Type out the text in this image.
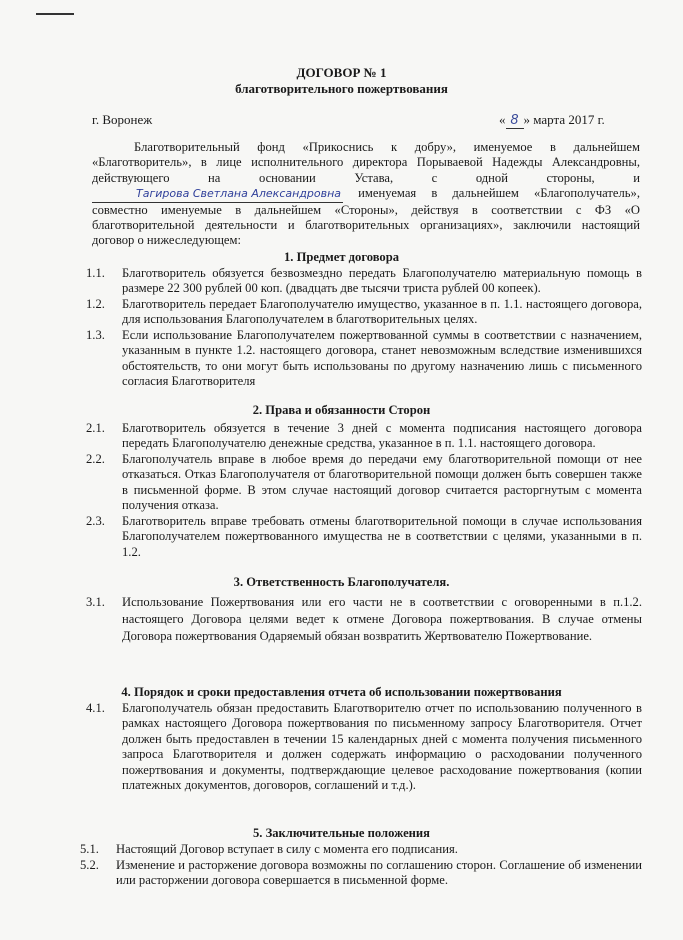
ДОГОВОР № 1
благотворительного пожертвования
г. Воронеж	« 8 » марта 2017 г.

Благотворительный фонд «Прикоснись к добру», именуемое в дальнейшем «Благотворитель», в лице исполнительного директора Порываевой Надежды Александровны, действующего на основании Устава, с одной стороны, и Тагирова Светлана Александровна именуемая в дальнейшем «Благополучатель», совместно именуемые в дальнейшем «Стороны», действуя в соответствии с ФЗ «О благотворительной деятельности и благотворительных организациях», заключили настоящий договор о нижеследующем:

1. Предмет договора
1.1.	Благотворитель обязуется безвозмездно передать Благополучателю материальную помощь в размере 22 300 рублей 00 коп. (двадцать две тысячи триста рублей 00 копеек).
1.2.	Благотворитель передает Благополучателю имущество, указанное в п. 1.1. настоящего договора, для использования Благополучателем в благотворительных целях.
1.3.	Если использование Благополучателем пожертвованной суммы в соответствии с назначением, указанным в пункте 1.2. настоящего договора, станет невозможным вследствие изменившихся обстоятельств, то они могут быть использованы по другому назначению лишь с письменного согласия Благотворителя
2. Права и обязанности Сторон
2.1.	Благотворитель обязуется в течение 3 дней с момента подписания настоящего договора передать Благополучателю денежные средства, указанное в п. 1.1. настоящего договора.
2.2.	Благополучатель вправе в любое время до передачи ему благотворительной помощи от нее отказаться. Отказ Благополучателя от благотворительной помощи должен быть совершен также в письменной форме. В этом случае настоящий договор считается расторгнутым с момента получения отказа.
2.3.	Благотворитель вправе требовать отмены благотворительной помощи в случае использования Благополучателем пожертвованного имущества не в соответствии с целями, указанными в п. 1.2.
3. Ответственность Благополучателя.
3.1.	Использование Пожертвования или его части не в соответствии с оговоренными в п.1.2. настоящего Договора целями ведет к отмене Договора пожертвования. В случае отмены Договора пожертвования Одаряемый обязан возвратить Жертвователю Пожертвование.
4. Порядок и сроки предоставления отчета об использовании пожертвования
4.1.	Благополучатель обязан предоставить Благотворителю отчет по использованию полученного в рамках настоящего Договора пожертвования по письменному запросу Благотворителя. Отчет должен быть предоставлен в течении 15 календарных дней с момента получения письменного запроса Благотворителя и должен содержать информацию о расходовании полученного пожертвования и документы, подтверждающие целевое расходование пожертвования (копии платежных документов, договоров, соглашений и т.д.).
5. Заключительные положения
5.1.	Настоящий Договор вступает в силу с момента его подписания.
5.2.	Изменение и расторжение договора возможны по соглашению сторон. Соглашение об изменении или расторжении договора совершается в письменной форме.
